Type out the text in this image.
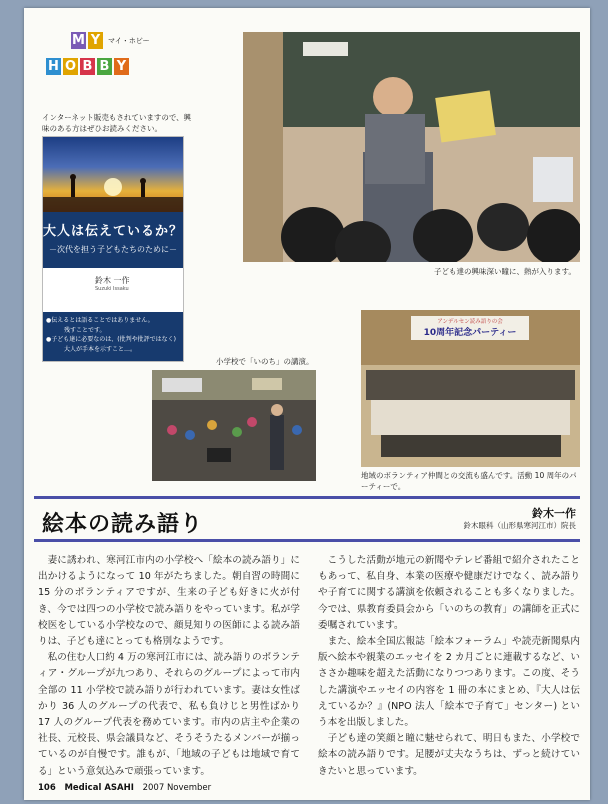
M Y
H O B B Y
マイ・ホビー
インターネット販売もされていますので、興味のある方はぜひお読みください。
大人は伝えているか？
－次代を担う子どもたちのために－
鈴木 一作
Suzuki Issaku
●伝えるとは語ることではありません。
残すことです。
●子ども達に必要なのは、(批判や批評ではなく)
大人が手本を示すこと…。
子ども達の興味深い瞳に、熱が入ります。
小学校で「いのち」の講演。
アンデルセン読み語りの会
10周年記念パーティー
地域のボランティア仲間との交流も盛んです。活動 10 周年のパーティーで。
絵本の読み語り	鈴木一作
鈴木眼科（山形県寒河江市）院長

妻に誘われ、寒河江市内の小学校へ「絵本の読み語り」に出かけるようになって 10 年がたちました。朝自習の時間に 15 分のボランティアですが、生来の子ども好きに火が付き、今では四つの小学校で読み語りをやっています。私が学校医をしている小学校なので、顔見知りの医師による読み語りは、子ども達にとっても格別なようです。

私の住む人口約 4 万の寒河江市には、読み語りのボランティア・グループが九つあり、それらのグループによって市内全部の 11 小学校で読み語りが行われています。妻は女性ばかり 36 人のグループの代表で、私も負けじと男性ばかり 17 人のグループ代表を務めています。市内の店主や企業の社長、元校長、県会議員など、そうそうたるメンバーが揃っているのが自慢です。誰もが、「地域の子どもは地域で育てる」という意気込みで頑張っています。

こうした活動が地元の新聞やテレビ番組で紹介されたこともあって、私自身、本業の医療や健康だけでなく、読み語りや子育てに関する講演を依頼されることも多くなりました。今では、県教育委員会から「いのちの教育」の講師を正式に委嘱されています。

また、絵本全国広報誌「絵本フォーラム」や読売新聞県内版へ絵本や親業のエッセイを 2 カ月ごとに連載するなど、いささか趣味を超えた活動になりつつあります。この度、そうした講演やエッセイの内容を 1 冊の本にまとめ、『大人は伝えているか？』(NPO 法人「絵本で子育て」センター) という本を出版しました。

子ども達の笑顔と瞳に魅せられて、明日もまた、小学校で絵本の読み語りです。足腰が丈夫なうちは、ずっと続けていきたいと思っています。

106 Medical ASAHI 2007 November
